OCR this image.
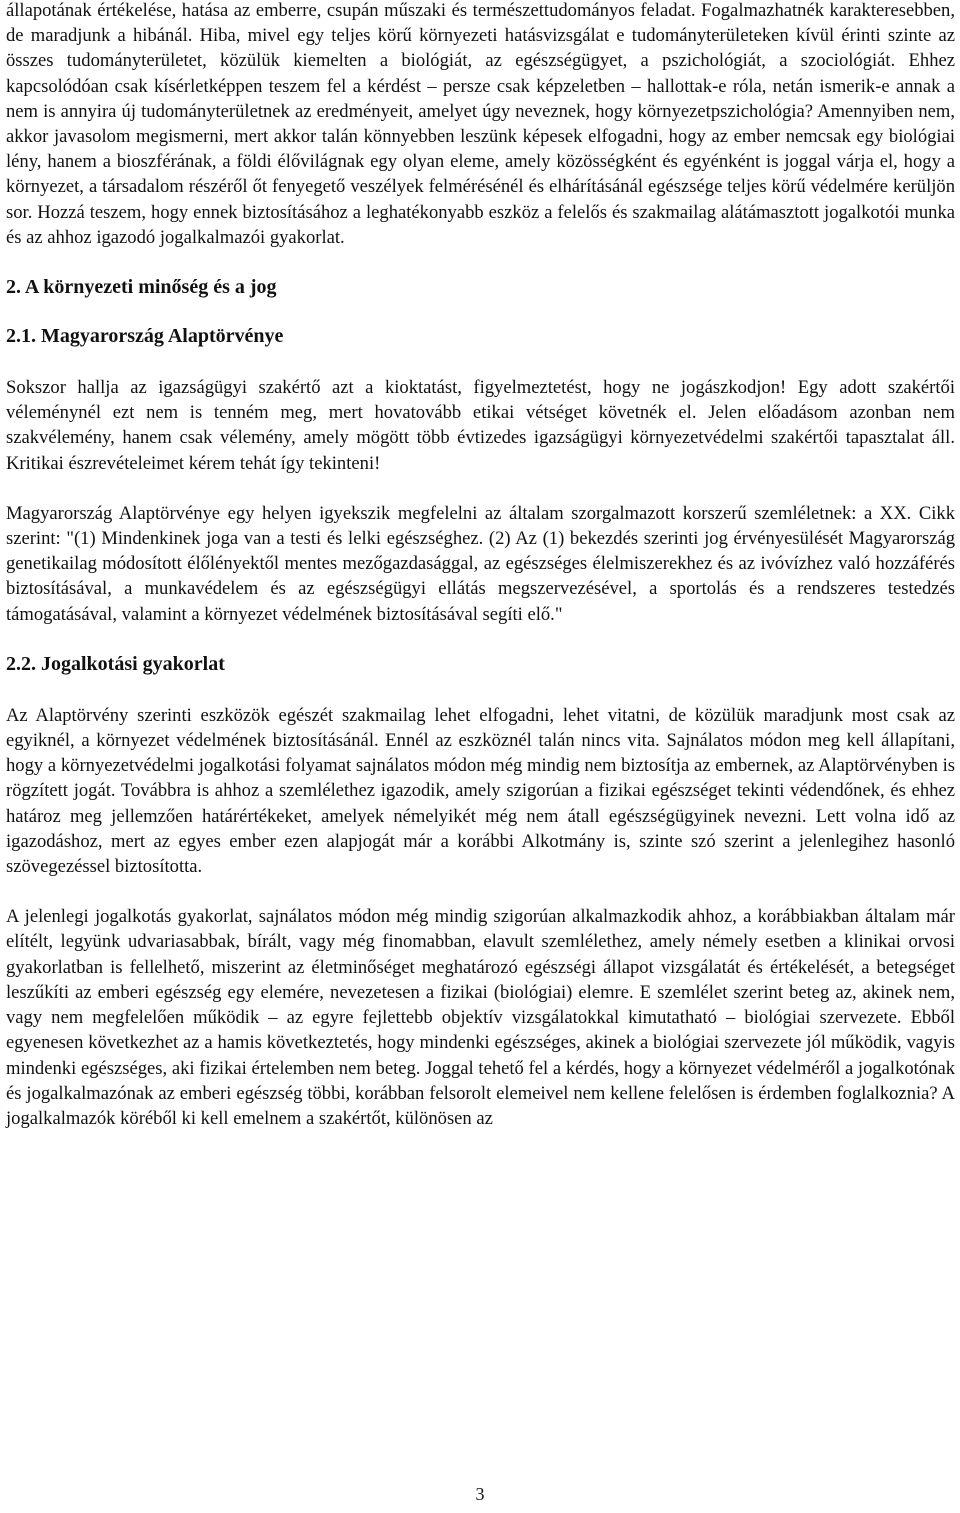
állapotának értékelése, hatása az emberre, csupán műszaki és természettudományos feladat. Fogalmazhatnék karakteresebben, de maradjunk a hibánál. Hiba, mivel egy teljes körű környezeti hatásvizsgálat e tudományterületeken kívül érinti szinte az összes tudományterületet, közülük kiemelten a biológiát, az egészségügyet, a pszichológiát, a szociológiát. Ehhez kapcsolódóan csak kísérletképpen teszem fel a kérdést – persze csak képzeletben – hallottak-e róla, netán ismerik-e annak a nem is annyira új tudományterületnek az eredményeit, amelyet úgy neveznek, hogy környezetpszichológia? Amennyiben nem, akkor javasolom megismerni, mert akkor talán könnyebben leszünk képesek elfogadni, hogy az ember nemcsak egy biológiai lény, hanem a bioszférának, a földi élővilágnak egy olyan eleme, amely közösségként és egyénként is joggal várja el, hogy a környezet, a társadalom részéről őt fenyegető veszélyek felmérésénél és elhárításánál egészsége teljes körű védelmére kerüljön sor. Hozzá teszem, hogy ennek biztosításához a leghatékonyabb eszköz a felelős és szakmailag alátámasztott jogalkotói munka és az ahhoz igazodó jogalkalmazói gyakorlat.

2. A környezeti minőség és a jog
2.1. Magyarország Alaptörvénye

Sokszor hallja az igazságügyi szakértő azt a kioktatást, figyelmeztetést, hogy ne jogászkodjon! Egy adott szakértői véleménynél ezt nem is tenném meg, mert hovatovább etikai vétséget követnék el. Jelen előadásom azonban nem szakvélemény, hanem csak vélemény, amely mögött több évtizedes igazságügyi környezetvédelmi szakértői tapasztalat áll. Kritikai észrevételeimet kérem tehát így tekinteni!

Magyarország Alaptörvénye egy helyen igyekszik megfelelni az általam szorgalmazott korszerű szemléletnek: a XX. Cikk szerint: "(1) Mindenkinek joga van a testi és lelki egészséghez. (2) Az (1) bekezdés szerinti jog érvényesülését Magyarország genetikailag módosított élőlényektől mentes mezőgazdasággal, az egészséges élelmiszerekhez és az ivóvízhez való hozzáférés biztosításával, a munkavédelem és az egészségügyi ellátás megszervezésével, a sportolás és a rendszeres testedzés támogatásával, valamint a környezet védelmének biztosításával segíti elő."

2.2. Jogalkotási gyakorlat

Az Alaptörvény szerinti eszközök egészét szakmailag lehet elfogadni, lehet vitatni, de közülük maradjunk most csak az egyiknél, a környezet védelmének biztosításánál. Ennél az eszköznél talán nincs vita. Sajnálatos módon meg kell állapítani, hogy a környezetvédelmi jogalkotási folyamat sajnálatos módon még mindig nem biztosítja az embernek, az Alaptörvényben is rögzített jogát. Továbbra is ahhoz a szemlélethez igazodik, amely szigorúan a fizikai egészséget tekinti védendőnek, és ehhez határoz meg jellemzően határértékeket, amelyek némelyikét még nem átall egészségügyinek nevezni. Lett volna idő az igazodáshoz, mert az egyes ember ezen alapjogát már a korábbi Alkotmány is, szinte szó szerint a jelenlegihez hasonló szövegezéssel biztosította.

A jelenlegi jogalkotás gyakorlat, sajnálatos módon még mindig szigorúan alkalmazkodik ahhoz, a korábbiakban általam már elítélt, legyünk udvariasabbak, bírált, vagy még finomabban, elavult szemlélethez, amely némely esetben a klinikai orvosi gyakorlatban is fellelhető, miszerint az életminőséget meghatározó egészségi állapot vizsgálatát és értékelését, a betegséget leszűkíti az emberi egészség egy elemére, nevezetesen a fizikai (biológiai) elemre. E szemlélet szerint beteg az, akinek nem, vagy nem megfelelően működik – az egyre fejlettebb objektív vizsgálatokkal kimutatható – biológiai szervezete. Ebből egyenesen következhet az a hamis következtetés, hogy mindenki egészséges, akinek a biológiai szervezete jól működik, vagyis mindenki egészséges, aki fizikai értelemben nem beteg. Joggal tehető fel a kérdés, hogy a környezet védelméről a jogalkotónak és jogalkalmazónak az emberi egészség többi, korábban felsorolt elemeivel nem kellene felelősen is érdemben foglalkoznia? A jogalkalmazók köréből ki kell emelnem a szakértőt, különösen az

3
